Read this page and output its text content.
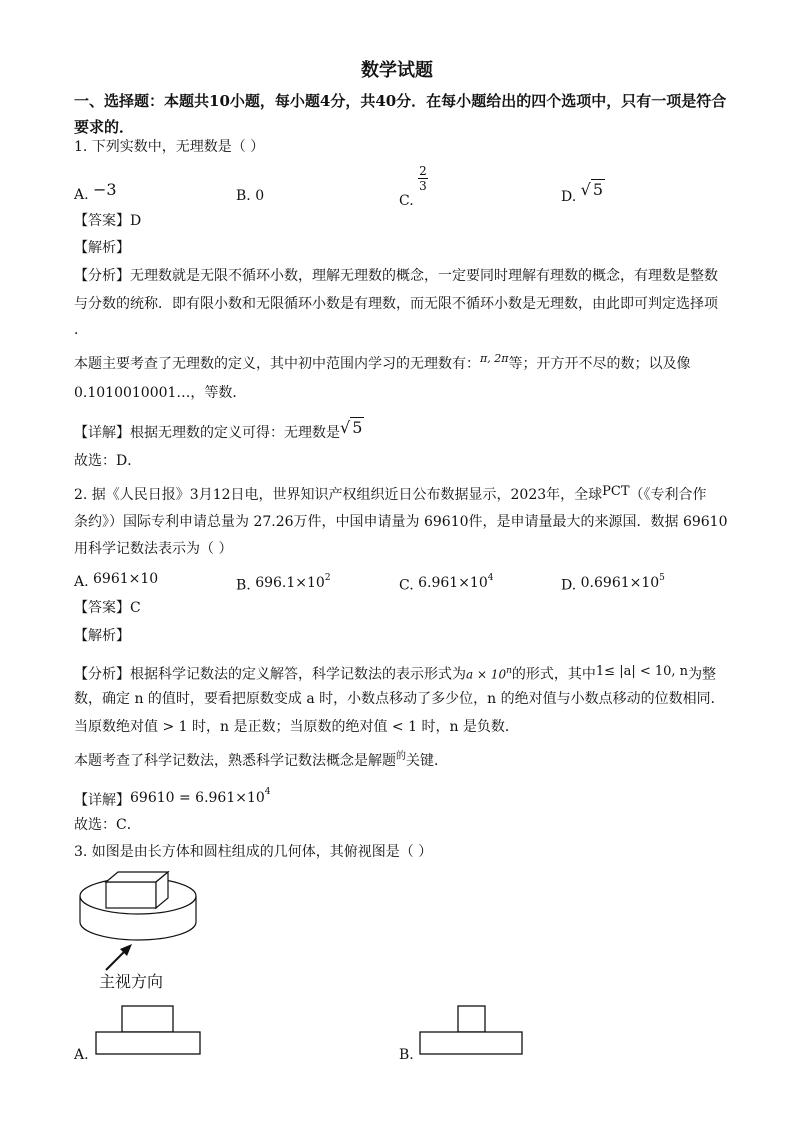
数学试题
一、选择题：本题共10小题，每小题4分，共40分．在每小题给出的四个选项中，只有一项是符合要求的．
1. 下列实数中，无理数是（ ）
A. −3	B. 0	C.
$\frac{2}{3}$
D. √ 5
【答案】D
【解析】
【分析】无理数就是无限不循环小数，理解无理数的概念，一定要同时理解有理数的概念，有理数是整数
与分数的统称．即有限小数和无限循环小数是有理数，而无限不循环小数是无理数，由此即可判定选择项
．
本题主要考查了无理数的定义，其中初中范围内学习的无理数有：$^{\pi, 2\pi}$等；开方开不尽的数；以及像
0.1010010001…，等数．
【详解】根据无理数的定义可得：无理数是√ 5
故选：D．
2. 据《人民日报》3月12日电，世界知识产权组织近日公布数据显示，2023年，全球PCT（《专利合作
条约》）国际专利申请总量为 27.26万件，中国申请量为 69610件，是申请量最大的来源国．数据 69610
用科学记数法表示为（ ）
A. 6961×10	B. $696.1\times 10^2$	C. $6.961\times 10^4$	D. $0.6961\times 10^5$
【答案】C
【解析】
【分析】根据科学记数法的定义解答，科学记数法的表示形式为$a \times 10^n$的形式，其中1≤ |a| < 10, n为整
数，确定 n 的值时，要看把原数变成 a 时，小数点移动了多少位，n 的绝对值与小数点移动的位数相同．
当原数绝对值 > 1 时，n 是正数；当原数的绝对值 < 1 时，n 是负数．
本题考查了科学记数法，熟悉科学记数法概念是解题$^的$关键．
【详解】$69610 = 6.961\times 10^4$
故选：C．
3. 如图是由长方体和圆柱组成的几何体，其俯视图是（ ）
主视方向
A.	B.
